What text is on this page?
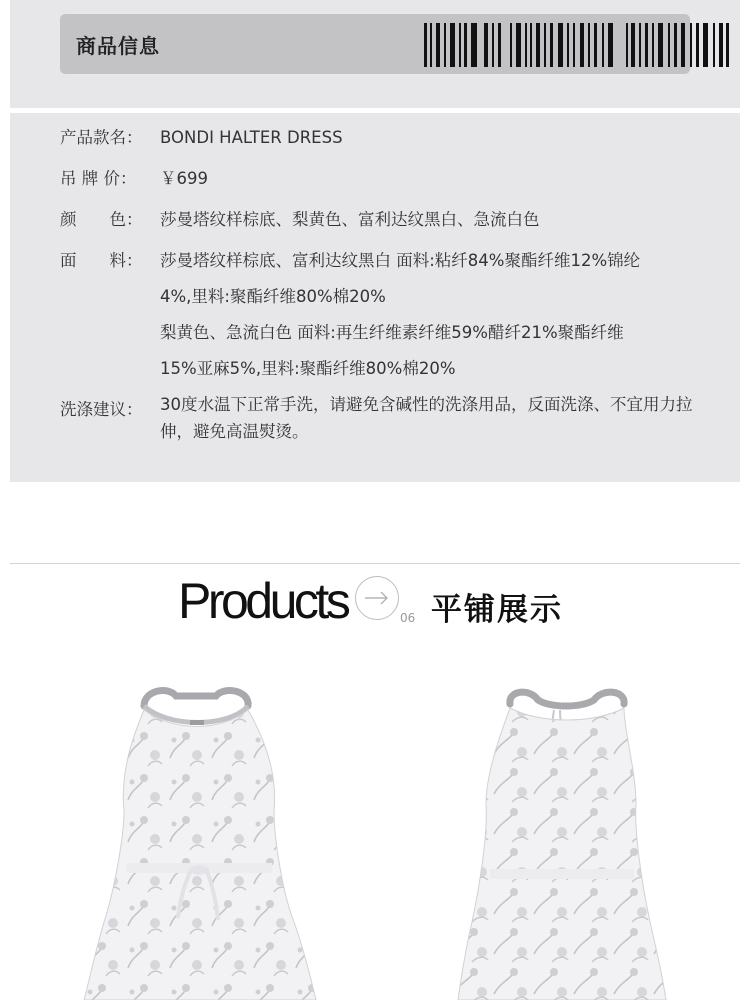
商品信息
产品款名： BONDI HALTER DRESS
吊 牌 价： ￥699
颜　　色： 莎曼塔纹样棕底、梨黄色、富利达纹黑白、急流白色
面　　料： 莎曼塔纹样棕底、富利达纹黑白 面料:粘纤84%聚酯纤维12%锦纶
4%,里料:聚酯纤维80%棉20%
梨黄色、急流白色 面料:再生纤维素纤维59%醋纤21%聚酯纤维
15%亚麻5%,里料:聚酯纤维80%棉20%
洗涤建议：	30度水温下正常手洗，请避免含碱性的洗涤用品，反面洗涤、不宜用力拉伸，避免高温熨烫。
Products	06 平铺展示
